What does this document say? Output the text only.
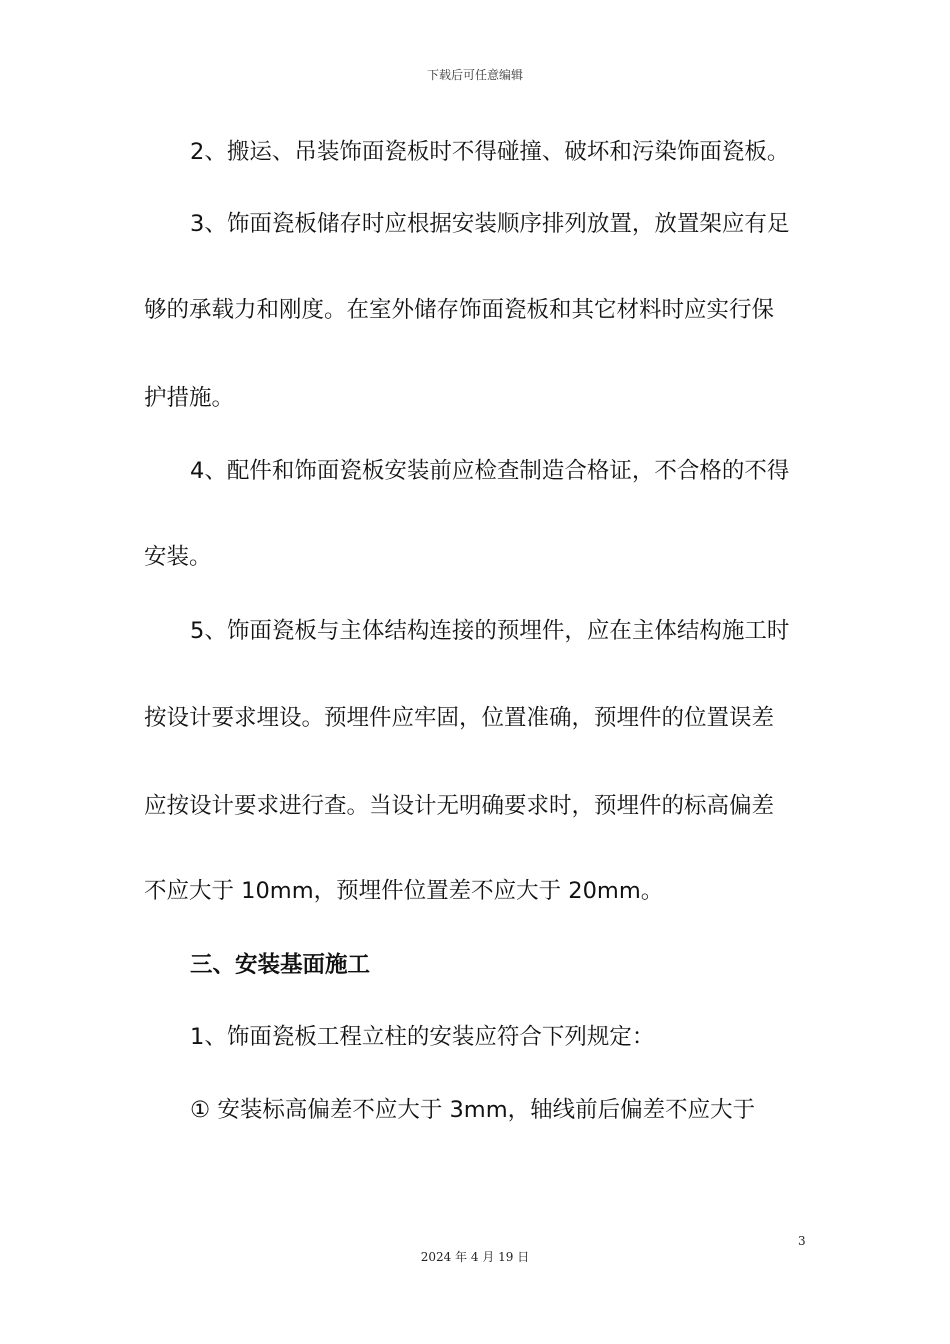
下载后可任意编辑
2、搬运、吊装饰面瓷板时不得碰撞、破坏和污染饰面瓷板。
3、饰面瓷板储存时应根据安装顺序排列放置，放置架应有足
够的承载力和刚度。在室外储存饰面瓷板和其它材料时应实行保
护措施。
4、配件和饰面瓷板安装前应检查制造合格证，不合格的不得
安装。
5、饰面瓷板与主体结构连接的预埋件，应在主体结构施工时
按设计要求埋设。预埋件应牢固，位置准确，预埋件的位置误差
应按设计要求进行查。当设计无明确要求时，预埋件的标高偏差
不应大于 10mm，预埋件位置差不应大于 20mm。
三、安装基面施工
1、饰面瓷板工程立柱的安装应符合下列规定：
① 安装标高偏差不应大于 3mm，轴线前后偏差不应大于
3
2024 年 4 月 19 日
